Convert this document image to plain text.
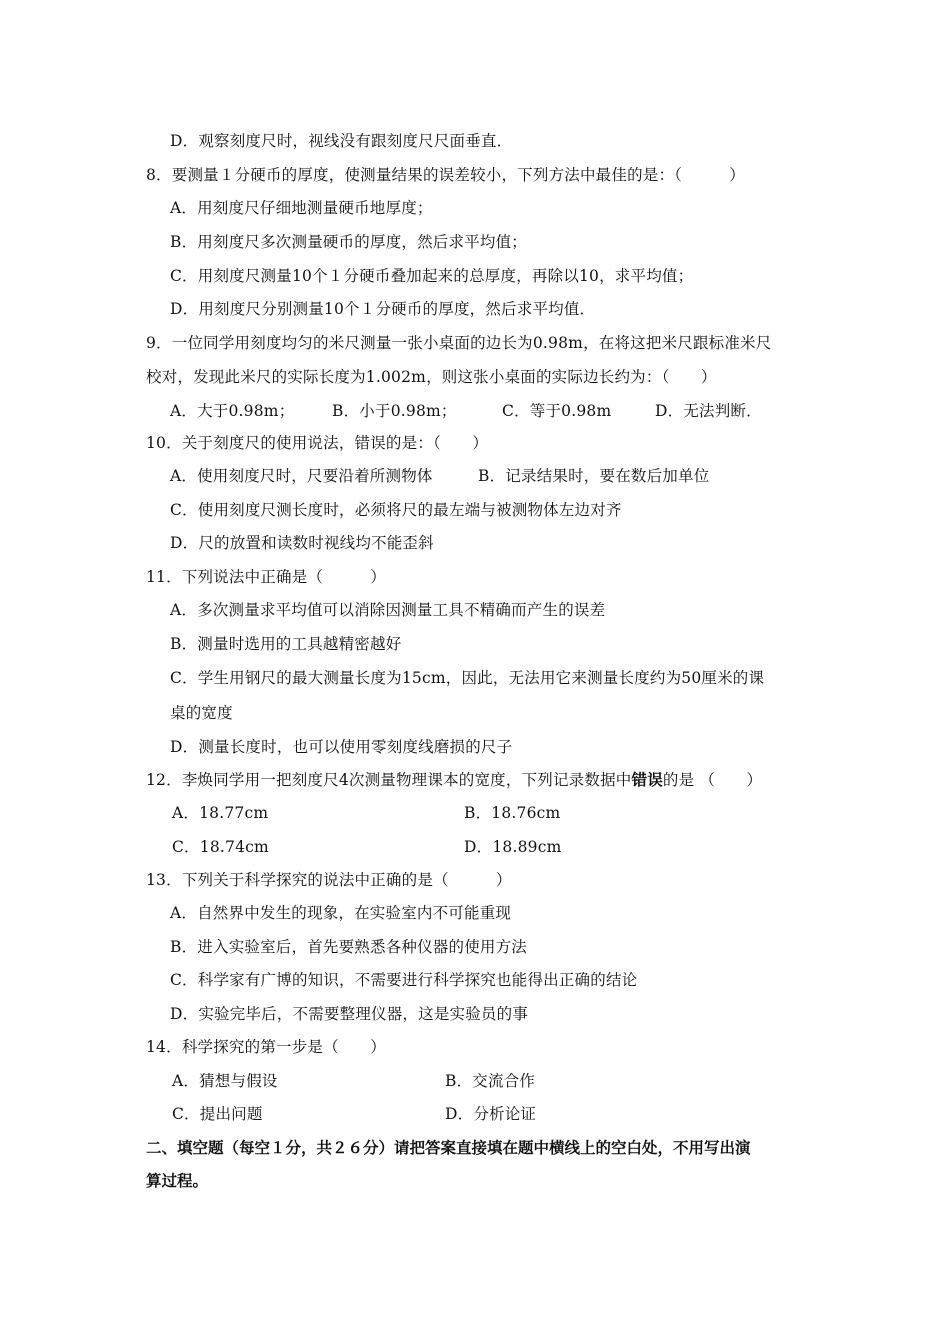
D．观察刻度尺时，视线没有跟刻度尺尺面垂直．
8．要测量１分硬币的厚度，使测量结果的误差较小，下列方法中最佳的是：（　　　）
A．用刻度尺仔细地测量硬币地厚度；
B．用刻度尺多次测量硬币的厚度，然后求平均值；
C．用刻度尺测量10个１分硬币叠加起来的总厚度，再除以10，求平均值；
D．用刻度尺分别测量10个１分硬币的厚度，然后求平均值．
9．一位同学用刻度均匀的米尺测量一张小桌面的边长为0.98m，在将这把米尺跟标准米尺
校对，发现此米尺的实际长度为1.002m，则这张小桌面的实际边长约为：（　　）
A．大于0.98m； B．小于0.98m；	C．等于0.98m	D．无法判断．
10．关于刻度尺的使用说法，错误的是：（　　）
A．使用刻度尺时，尺要沿着所测物体	B．记录结果时，要在数后加单位
C．使用刻度尺测长度时，必须将尺的最左端与被测物体左边对齐
D．尺的放置和读数时视线均不能歪斜
11．下列说法中正确是（　　　）
A．多次测量求平均值可以消除因测量工具不精确而产生的误差
B．测量时选用的工具越精密越好
C．学生用钢尺的最大测量长度为15cm，因此，无法用它来测量长度约为50厘米的课
桌的宽度
D．测量长度时，也可以使用零刻度线磨损的尺子
12．李焕同学用一把刻度尺4次测量物理课本的宽度，下列记录数据中错误的是 （　　）
A．18.77cm	B．18.76cm
C．18.74cm	D．18.89cm
13．下列关于科学探究的说法中正确的是（　　　）
A．自然界中发生的现象，在实验室内不可能重现
B．进入实验室后，首先要熟悉各种仪器的使用方法
C．科学家有广博的知识，不需要进行科学探究也能得出正确的结论
D．实验完毕后，不需要整理仪器，这是实验员的事
14．科学探究的第一步是（　　）
A．猜想与假设	B．交流合作
C．提出问题	D．分析论证
二、填空题（每空１分，共２６分）请把答案直接填在题中横线上的空白处，不用写出演
算过程。
